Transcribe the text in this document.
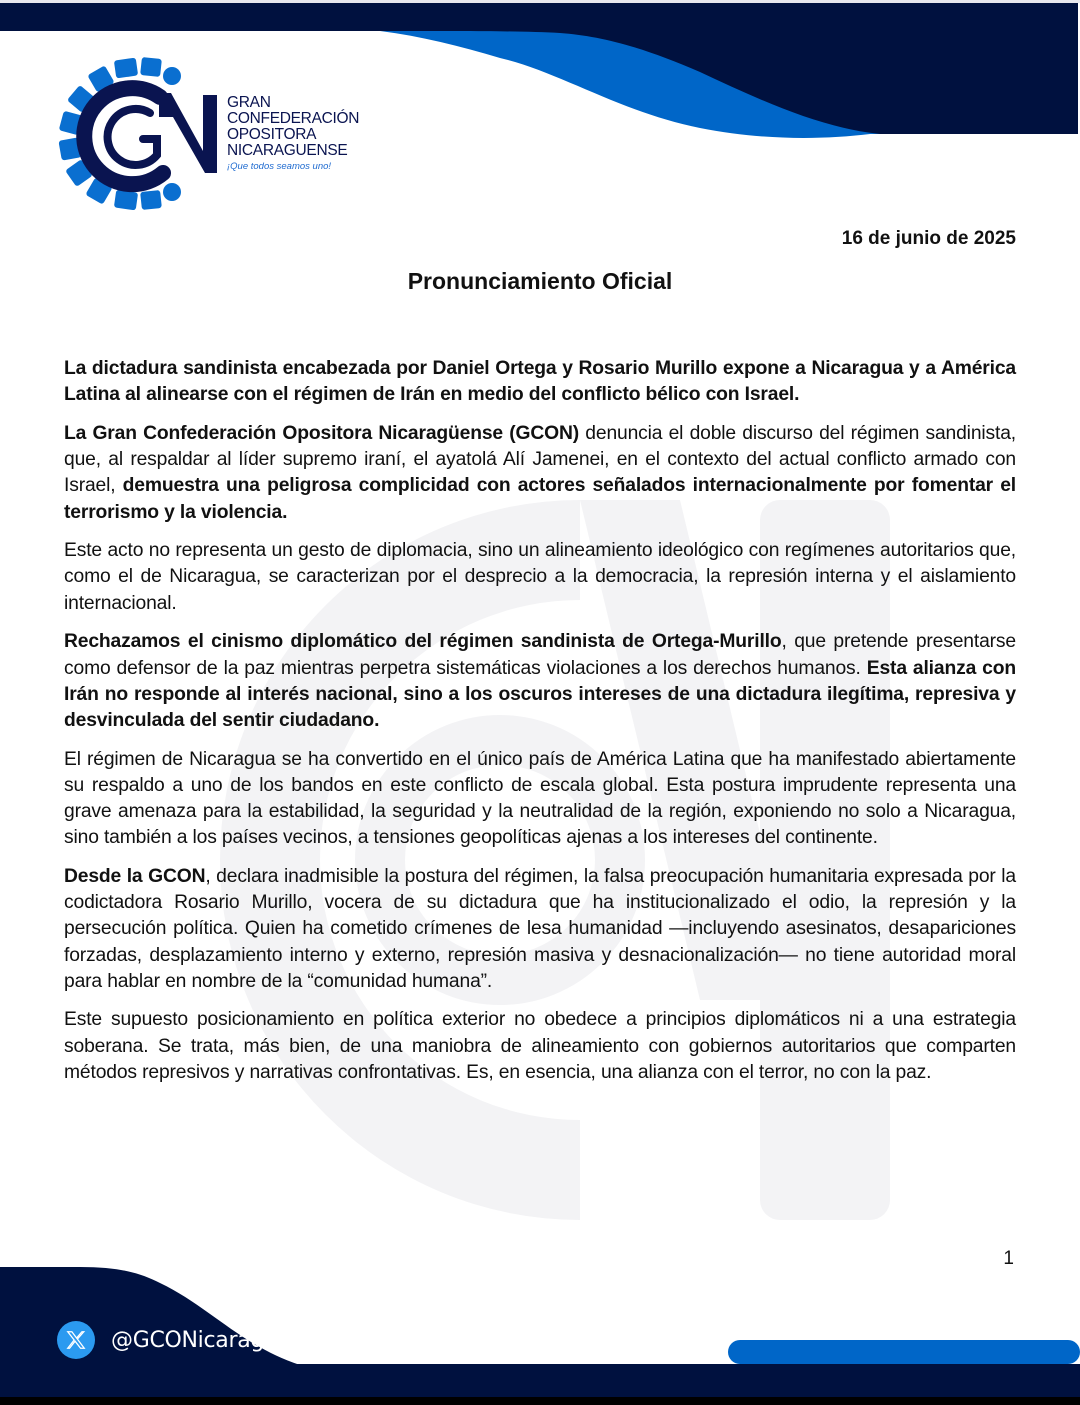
GRAN
CONFEDERACIÓN
OPOSITORA
NICARAGUENSE
¡Que todos seamos uno!
16 de junio de 2025
Pronunciamiento Oficial

La dictadura sandinista encabezada por Daniel Ortega y Rosario Murillo expone a Nicaragua y a América Latina al alinearse con el régimen de Irán en medio del conflicto bélico con Israel.

La Gran Confederación Opositora Nicaragüense (GCON) denuncia el doble discurso del régimen sandinista, que, al respaldar al líder supremo iraní, el ayatolá Alí Jamenei, en el contexto del actual conflicto armado con Israel, demuestra una peligrosa complicidad con actores señalados internacionalmente por fomentar el terrorismo y la violencia.

Este acto no representa un gesto de diplomacia, sino un alineamiento ideológico con regímenes autoritarios que, como el de Nicaragua, se caracterizan por el desprecio a la democracia, la represión interna y el aislamiento internacional.

Rechazamos el cinismo diplomático del régimen sandinista de Ortega-Murillo, que pretende presentarse como defensor de la paz mientras perpetra sistemáticas violaciones a los derechos humanos. Esta alianza con Irán no responde al interés nacional, sino a los oscuros intereses de una dictadura ilegítima, represiva y desvinculada del sentir ciudadano.

El régimen de Nicaragua se ha convertido en el único país de América Latina que ha manifestado abiertamente su respaldo a uno de los bandos en este conflicto de escala global. Esta postura imprudente representa una grave amenaza para la estabilidad, la seguridad y la neutralidad de la región, exponiendo no solo a Nicaragua, sino también a los países vecinos, a tensiones geopolíticas ajenas a los intereses del continente.

Desde la GCON, declara inadmisible la postura del régimen, la falsa preocupación humanitaria expresada por la codictadora Rosario Murillo, vocera de su dictadura que ha institucionalizado el odio, la represión y la persecución política. Quien ha cometido crímenes de lesa humanidad —incluyendo asesinatos, desapariciones forzadas, desplazamiento interno y externo, represión masiva y desnacionalización— no tiene autoridad moral para hablar en nombre de la “comunidad humana”.

Este supuesto posicionamiento en política exterior no obedece a principios diplomáticos ni a una estrategia soberana. Se trata, más bien, de una maniobra de alineamiento con gobiernos autoritarios que comparten métodos represivos y narrativas confrontativas. Es, en esencia, una alianza con el terror, no con la paz.

1
@GCONicaragua
